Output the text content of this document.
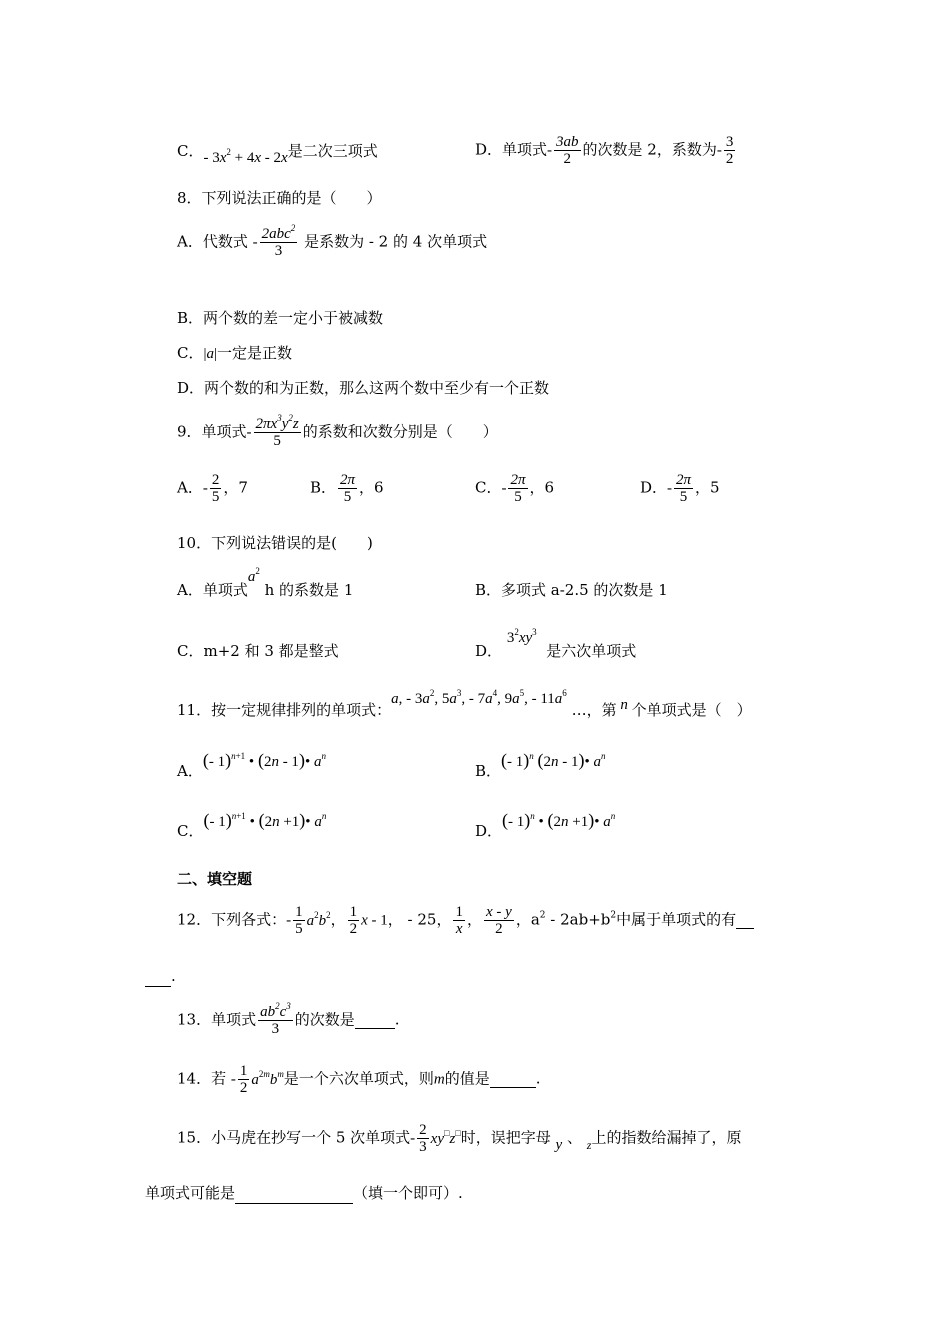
C．- $3x^2 + 4x - 2x$是二次三项式	D．单项式- $\frac{3ab}{2}$ 的次数是 2，系数为- $\frac{3}{2}$
8．下列说法正确的是（　　）
A．代数式 - $\frac{2abc^2}{3}$ 是系数为 - 2 的 4 次单项式
B．两个数的差一定小于被减数
C．|a|一定是正数
D．两个数的和为正数，那么这两个数中至少有一个正数
9．单项式- $\frac{2\pi x^3y^2z}{5}$ 的系数和次数分别是（　　）
A．- $\frac{2}{5}$ ，7	B． $\frac{2\pi}{5}$ ，6	C．- $\frac{2\pi}{5}$ ，6	D．- $\frac{2\pi}{5}$ ，5
10．下列说法错误的是(　　)
A．单项式$a^2$ h 的系数是 1	B．多项式 a-2.5 的次数是 1
C．m+2 和 3 都是整式	D． $3^2xy^3$  是六次单项式
11．按一定规律排列的单项式：a, - $3a^2$, $5a^3$, - $7a^4$, $9a^5$, - $11a^6$ …，第 n 个单项式是（　）
A．(- 1)$^{n+1}$ • (2n - 1)• $a^n$
B．(- 1)$^n$ (2n - 1)• $a^n$
C．(- 1)$^{n+1}$ • (2n +1)• $a^n$
D．(- 1)$^n$ • (2n +1)• $a^n$
二、填空题
12．下列各式：- $\frac{1}{5} a^2b^2$， $\frac{1}{2}$ x - 1， - 25， $\frac{1}{x}$ ， $\frac{x - y}{2}$ ，$a^2 - 2ab+b^2$中属于单项式的有
.
13．单项式 $\frac{ab^2c^3}{3}$ 的次数是	.
14．若 - $\frac{1}{2} a^{2m}b^m$是一个六次单项式，则m的值是	.
15．小马虎在抄写一个 5 次单项式- $\frac{2}{3} xy^□z^□$时，误把字母 y 、 $_z$上的指数给漏掉了，原
单项式可能是	（填一个即可）.
